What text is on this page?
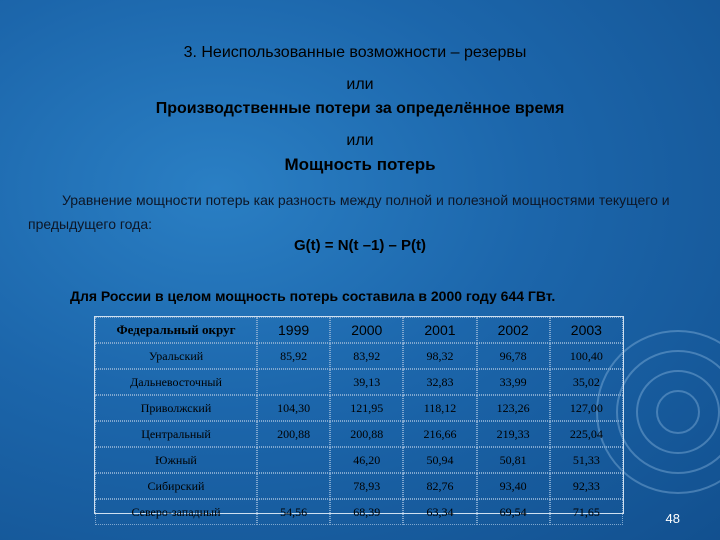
3. Неиспользованные возможности – резервы
или
Производственные потери за определённое время
или
Мощность потерь
Уравнение мощности потерь как разность между полной и полезной мощностями текущего и предыдущего года:
G(t) = N(t –1) – P(t)
Для России в целом мощность потерь составила в 2000 году 644 ГВт.
Федеральный округ	1999	2000	2001	2002	2003
Уральский	85,92	83,92	98,32	96,78	100,40
Дальневосточный		39,13	32,83	33,99	35,02
Приволжский	104,30	121,95	118,12	123,26	127,00
Центральный	200,88	200,88	216,66	219,33	225,04
Южный		46,20	50,94	50,81	51,33
Сибирский		78,93	82,76	93,40	92,33
Северо-западный	54,56	68,39	63,34	69,54	71,65	48
